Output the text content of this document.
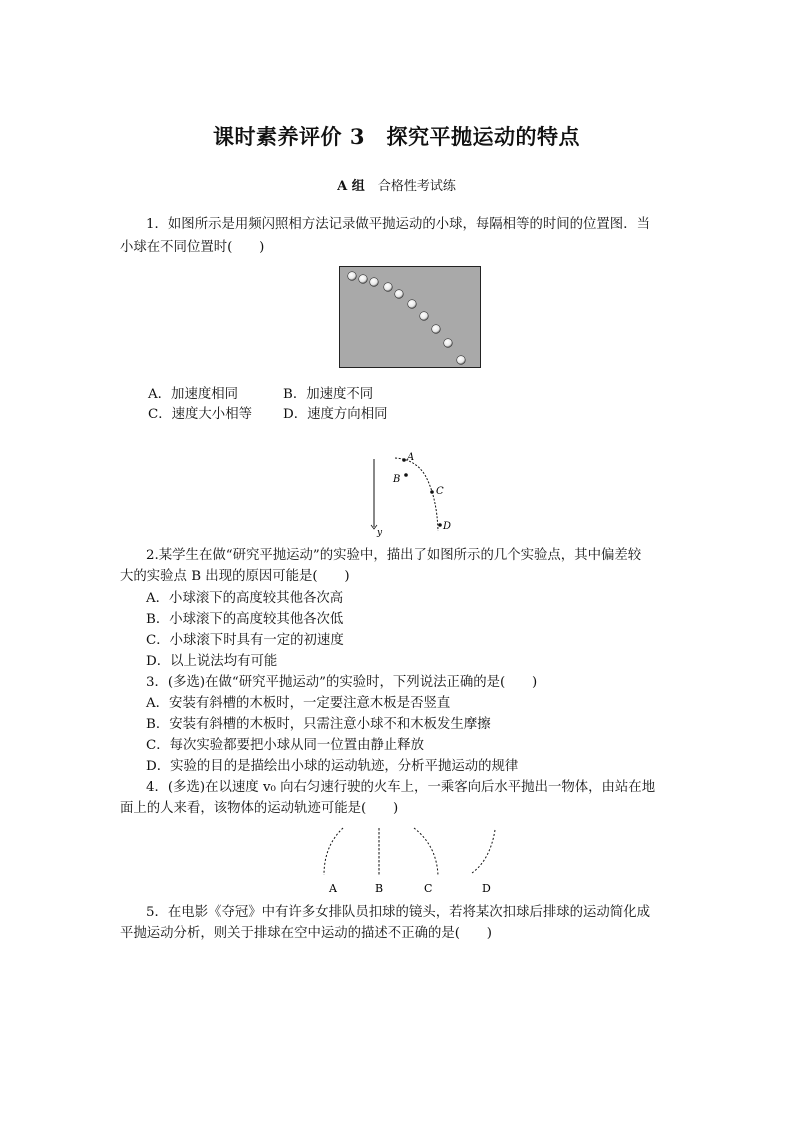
课时素养评价 3　探究平抛运动的特点
A 组　 合格性考试练
1．如图所示是用频闪照相方法记录做平抛运动的小球，每隔相等的时间的位置图．当
小球在不同位置时(　　)
A．加速度相同	B．加速度不同
C．速度大小相等 D．速度方向相同
y
A
B
C
D
2.某学生在做“研究平抛运动”的实验中，描出了如图所示的几个实验点，其中偏差较
大的实验点 B 出现的原因可能是(　　)
A．小球滚下的高度较其他各次高
B．小球滚下的高度较其他各次低
C．小球滚下时具有一定的初速度
D．以上说法均有可能
3．(多选)在做“研究平抛运动”的实验时，下列说法正确的是(　　)
A．安装有斜槽的木板时，一定要注意木板是否竖直
B．安装有斜槽的木板时，只需注意小球不和木板发生摩擦
C．每次实验都要把小球从同一位置由静止释放
D．实验的目的是描绘出小球的运动轨迹，分析平抛运动的规律
4．(多选)在以速度 v₀ 向右匀速行驶的火车上，一乘客向后水平抛出一物体，由站在地
面上的人来看，该物体的运动轨迹可能是(　　)
A	B	C	D
5．在电影《夺冠》中有许多女排队员扣球的镜头，若将某次扣球后排球的运动简化成
平抛运动分析，则关于排球在空中运动的描述不正确的是(　　)
